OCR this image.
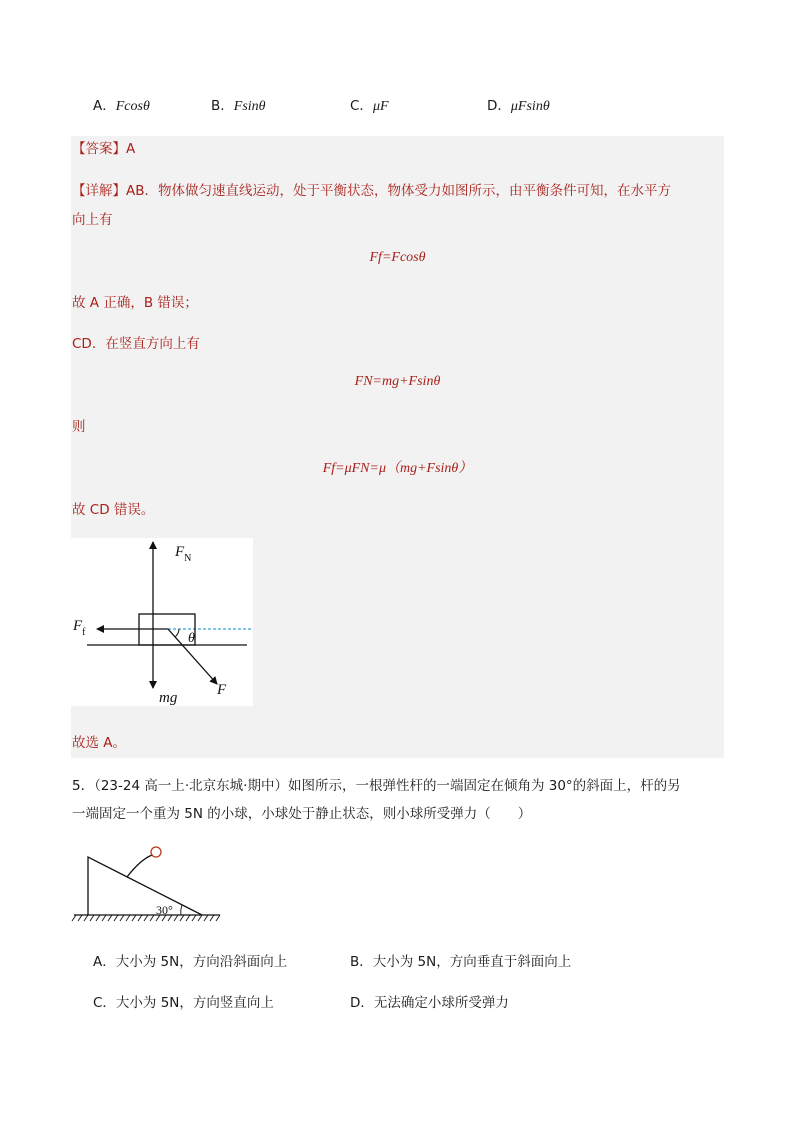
A．Fcosθ	B．Fsinθ	C．μF	D．μFsinθ
【答案】A
【详解】AB．物体做匀速直线运动，处于平衡状态，物体受力如图所示，由平衡条件可知，在水平方
向上有
Ff=Fcosθ
故 A 正确，B 错误；
CD．在竖直方向上有
FN=mg+Fsinθ
则
Ff=μFN=μ（mg+Fsinθ）
故 CD 错误。
$F_N$
$F_f$	θ
mg	F
故选 A。
5．（23-24 高一上·北京东城·期中）如图所示，一根弹性杆的一端固定在倾角为 30°的斜面上，杆的另
一端固定一个重为 5N 的小球，小球处于静止状态，则小球所受弹力（　　）
30°
A．大小为 5N，方向沿斜面向上	B．大小为 5N，方向垂直于斜面向上
C．大小为 5N，方向竖直向上	D．无法确定小球所受弹力
